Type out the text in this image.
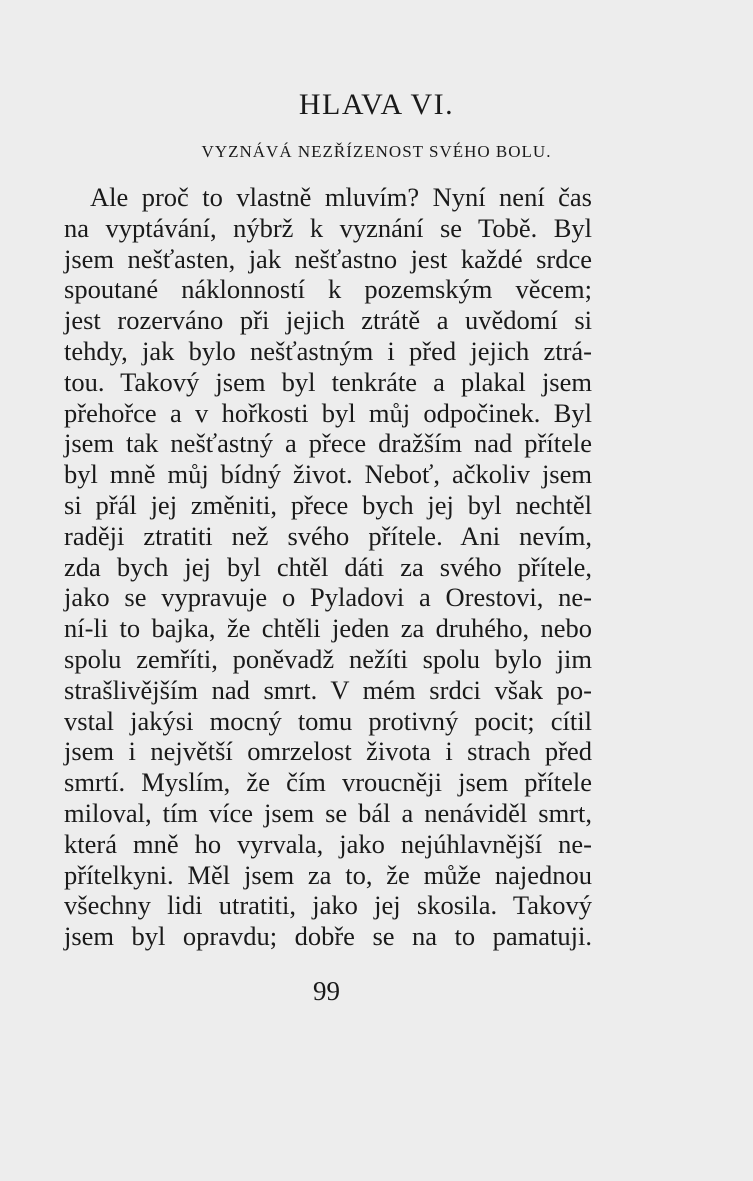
HLAVA VI.
VYZNÁVÁ NEZŘÍZENOST SVÉHO BOLU.
Ale proč to vlastně mluvím? Nyní není čas
na vyptávání, nýbrž k vyznání se Tobě. Byl
jsem nešťasten, jak nešťastno jest každé srdce
spoutané náklonností k pozemským věcem;
jest rozerváno při jejich ztrátě a uvědomí si
tehdy, jak bylo nešťastným i před jejich ztrá-
tou. Takový jsem byl tenkráte a plakal jsem
přehořce a v hořkosti byl můj odpočinek. Byl
jsem tak nešťastný a přece dražším nad přítele
byl mně můj bídný život. Neboť, ačkoliv jsem
si přál jej změniti, přece bych jej byl nechtěl
raději ztratiti než svého přítele. Ani nevím,
zda bych jej byl chtěl dáti za svého přítele,
jako se vypravuje o Pyladovi a Orestovi, ne-
ní-li to bajka, že chtěli jeden za druhého, nebo
spolu zemříti, poněvadž nežíti spolu bylo jim
strašlivějším nad smrt. V mém srdci však po-
vstal jakýsi mocný tomu protivný pocit; cítil
jsem i největší omrzelost života i strach před
smrtí. Myslím, že čím vroucněji jsem přítele
miloval, tím více jsem se bál a nenáviděl smrt,
která mně ho vyrvala, jako nejúhlavnější ne-
přítelkyni. Měl jsem za to, že může najednou
všechny lidi utratiti, jako jej skosila. Takový
jsem byl opravdu; dobře se na to pamatuji.
99
